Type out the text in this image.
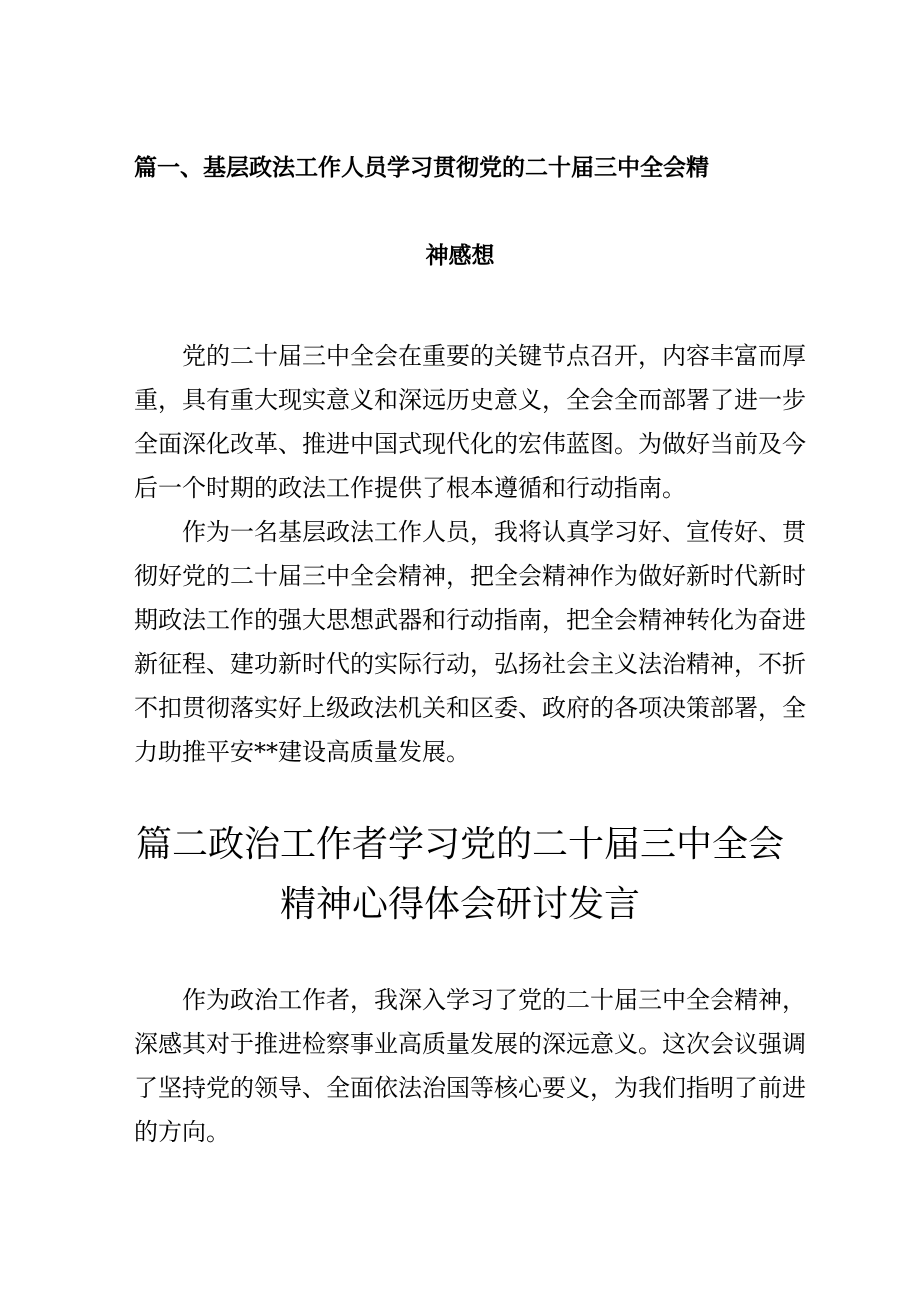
篇一、基层政法工作人员学习贯彻党的二十届三中全会精
神感想
党的二十届三中全会在重要的关键节点召开，内容丰富而厚
重，具有重大现实意义和深远历史意义，全会全而部署了进一步
全面深化改革、推进中国式现代化的宏伟蓝图。为做好当前及今
后一个时期的政法工作提供了根本遵循和行动指南。
作为一名基层政法工作人员，我将认真学习好、宣传好、贯
彻好党的二十届三中全会精神，把全会精神作为做好新时代新时
期政法工作的强大思想武器和行动指南，把全会精神转化为奋进
新征程、建功新时代的实际行动，弘扬社会主义法治精神，不折
不扣贯彻落实好上级政法机关和区委、政府的各项决策部署，全
力助推平安**建设高质量发展。
篇二政治工作者学习党的二十届三中全会
精神心得体会研讨发言
作为政治工作者，我深入学习了党的二十届三中全会精神，
深感其对于推进检察事业高质量发展的深远意义。这次会议强调
了坚持党的领导、全面依法治国等核心要义，为我们指明了前进
的方向。
